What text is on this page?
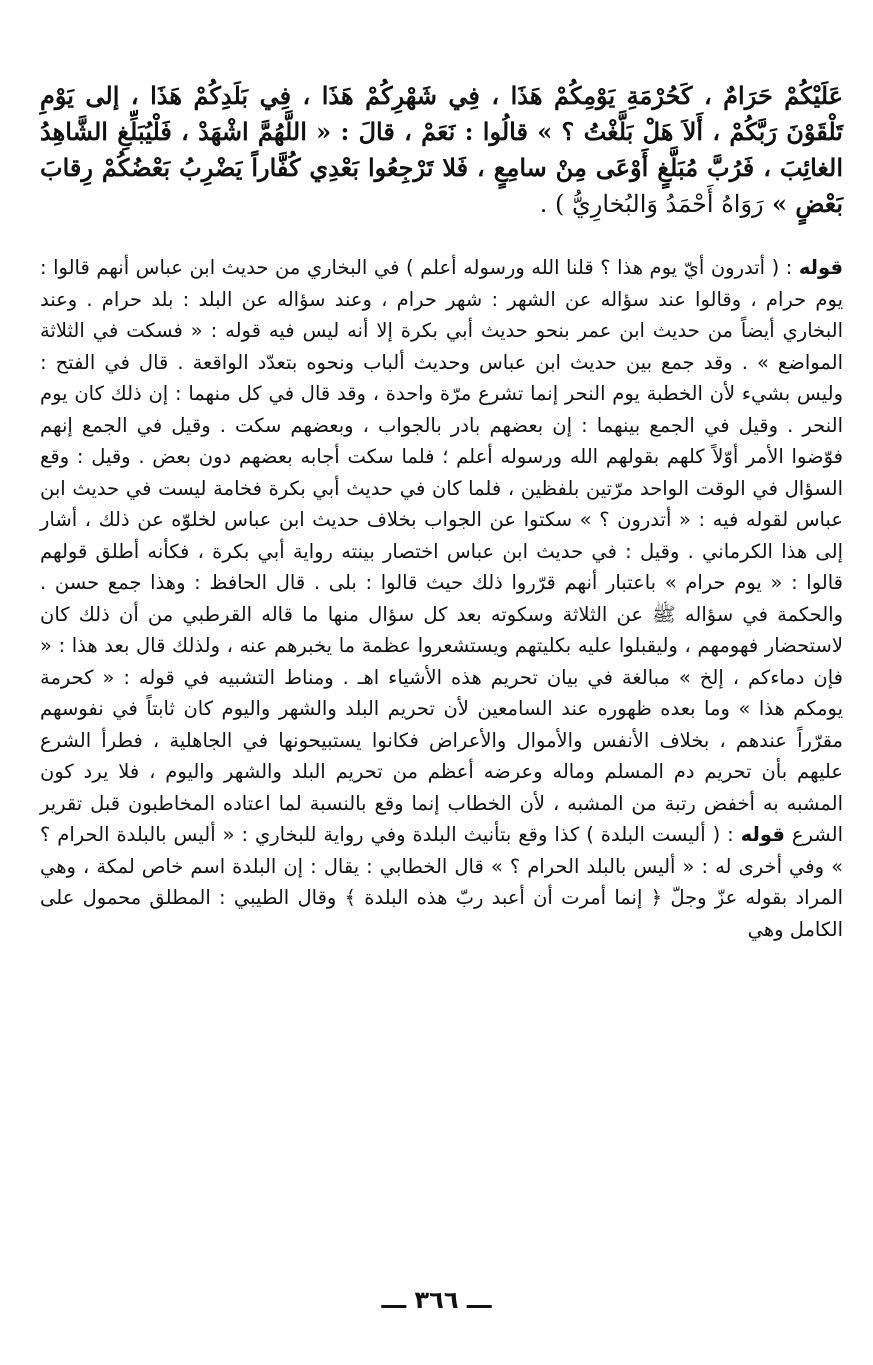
عَلَيْكُمْ حَرَامٌ ، كَحُرْمَةِ يَوْمِكُمْ هَذَا ، فِي شَهْرِكُمْ هَذَا ، فِي بَلَدِكُمْ هَذَا ، إلى يَوْمِ تَلْقَوْنَ رَبَّكُمْ ، أَلاَ هَلْ بَلَّغْتُ ؟ » قالُوا : نَعَمْ ، قالَ : « اللَّهُمَّ اشْهَدْ ، فَلْيُبَلِّغِ الشَّاهِدُ الغائِبَ ، فَرُبَّ مُبَلَّغٍ أَوْعَى مِنْ سامِعٍ ، فَلا تَرْجِعُوا بَعْدِي كُفَّاراً يَضْرِبُ بَعْضُكُمْ رِقابَ بَعْضٍ » رَوَاهُ أَحْمَدُ وَالبُخارِيُّ ) .

قوله : ( أتدرون أيّ يوم هذا ؟ قلنا الله ورسوله أعلم ) في البخاري من حديث ابن عباس أنهم قالوا : يوم حرام ، وقالوا عند سؤاله عن الشهر : شهر حرام ، وعند سؤاله عن البلد : بلد حرام . وعند البخاري أيضاً من حديث ابن عمر بنحو حديث أبي بكرة إلا أنه ليس فيه قوله : « فسكت في الثلاثة المواضع » . وقد جمع بين حديث ابن عباس وحديث ألباب ونحوه بتعدّد الواقعة . قال في الفتح : وليس بشيء لأن الخطبة يوم النحر إنما تشرع مرّة واحدة ، وقد قال في كل منهما : إن ذلك كان يوم النحر . وقيل في الجمع بينهما : إن بعضهم بادر بالجواب ، وبعضهم سكت . وقيل في الجمع إنهم فوّضوا الأمر أوّلاً كلهم بقولهم الله ورسوله أعلم ؛ فلما سكت أجابه بعضهم دون بعض . وقيل : وقع السؤال في الوقت الواحد مرّتين بلفظين ، فلما كان في حديث أبي بكرة فخامة ليست في حديث ابن عباس لقوله فيه : « أتدرون ؟ » سكتوا عن الجواب بخلاف حديث ابن عباس لخلوّه عن ذلك ، أشار إلى هذا الكرماني . وقيل : في حديث ابن عباس اختصار بينته رواية أبي بكرة ، فكأنه أطلق قولهم قالوا : « يوم حرام » باعتبار أنهم قرّروا ذلك حيث قالوا : بلى . قال الحافظ : وهذا جمع حسن . والحكمة في سؤاله ﷺ عن الثلاثة وسكوته بعد كل سؤال منها ما قاله القرطبي من أن ذلك كان لاستحضار فهومهم ، وليقبلوا عليه بكليتهم ويستشعروا عظمة ما يخبرهم عنه ، ولذلك قال بعد هذا : « فإن دماءكم ، إلخ » مبالغة في بيان تحريم هذه الأشياء اهـ . ومناط التشبيه في قوله : « كحرمة يومكم هذا » وما بعده ظهوره عند السامعين لأن تحريم البلد والشهر واليوم كان ثابتاً في نفوسهم مقرّراً عندهم ، بخلاف الأنفس والأموال والأعراض فكانوا يستبيحونها في الجاهلية ، فطرأ الشرع عليهم بأن تحريم دم المسلم وماله وعرضه أعظم من تحريم البلد والشهر واليوم ، فلا يرد كون المشبه به أخفض رتبة من المشبه ، لأن الخطاب إنما وقع بالنسبة لما اعتاده المخاطبون قبل تقرير الشرع قوله : ( أليست البلدة ) كذا وقع بتأنيث البلدة وفي رواية للبخاري : « أليس بالبلدة الحرام ؟ » وفي أخرى له : « أليس بالبلد الحرام ؟ » قال الخطابي : يقال : إن البلدة اسم خاص لمكة ، وهي المراد بقوله عزّ وجلّ ﴿ إنما أمرت أن أعبد ربّ هذه البلدة ﴾ وقال الطيبي : المطلق محمول على الكامل وهي

ـــ ٣٦٦ ـــ
